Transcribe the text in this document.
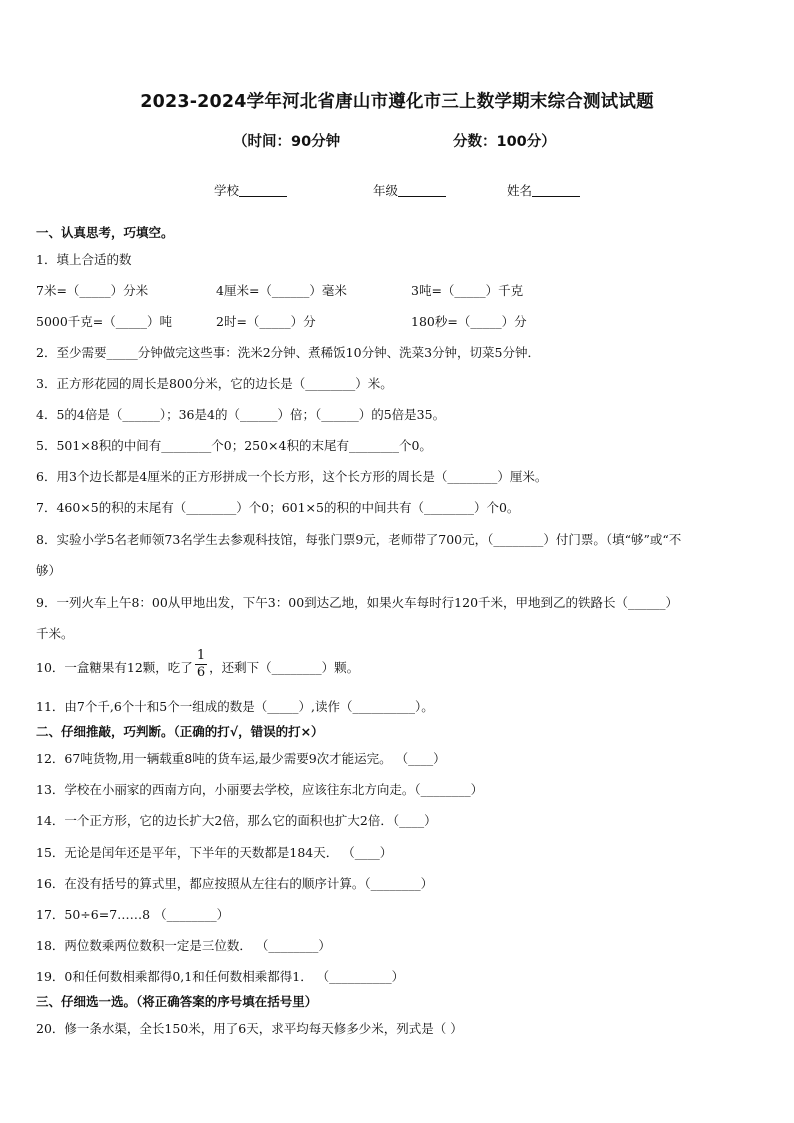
2023-2024学年河北省唐山市遵化市三上数学期末综合测试试题
（时间：90分钟	分数：100分）
学校	年级	姓名
一、认真思考，巧填空。
1．填上合适的数
7米=（_____）分米	4厘米=（______）毫米	3吨=（_____）千克
5000千克=（_____）吨	2时=（_____）分	180秒=（_____）分
2．至少需要_____分钟做完这些事：洗米2分钟、煮稀饭10分钟、洗菜3分钟，切菜5分钟．
3．正方形花园的周长是800分米，它的边长是（________）米。
4．5的4倍是（______）；36是4的（______）倍；（______）的5倍是35。
5．501×8积的中间有________个0；250×4积的末尾有________个0。
6．用3个边长都是4厘米的正方形拼成一个长方形，这个长方形的周长是（________）厘米。
7．460×5的积的末尾有（________）个0；601×5的积的中间共有（________）个0。
8．实验小学5名老师领73名学生去参观科技馆，每张门票9元，老师带了700元，（________）付门票。（填“够”或“不
够）
9．一列火车上午8：00从甲地出发，下午3：00到达乙地，如果火车每时行120千米，甲地到乙的铁路长（______）
千米。
10．一盒糖果有12颗，吃了 $\frac{1}{6}$ ，还剩下（________）颗。
11．由7个千,6个十和5个一组成的数是（_____）,读作（__________）。
二、仔细推敲，巧判断。（正确的打√，错误的打×）
12．67吨货物,用一辆载重8吨的货车运,最少需要9次才能运完。 （____）
13．学校在小丽家的西南方向，小丽要去学校，应该往东北方向走。（________）
14．一个正方形，它的边长扩大2倍，那么它的面积也扩大2倍．（____）
15．无论是闰年还是平年，下半年的天数都是184天． （____）
16．在没有括号的算式里，都应按照从左往右的顺序计算。（________）
17．50÷6=7……8 （________）
18．两位数乘两位数积一定是三位数． （________）
19．0和任何数相乘都得0,1和任何数相乘都得1． （__________）
三、仔细选一选。（将正确答案的序号填在括号里）
20．修一条水渠，全长150米，用了6天，求平均每天修多少米，列式是（ ）
